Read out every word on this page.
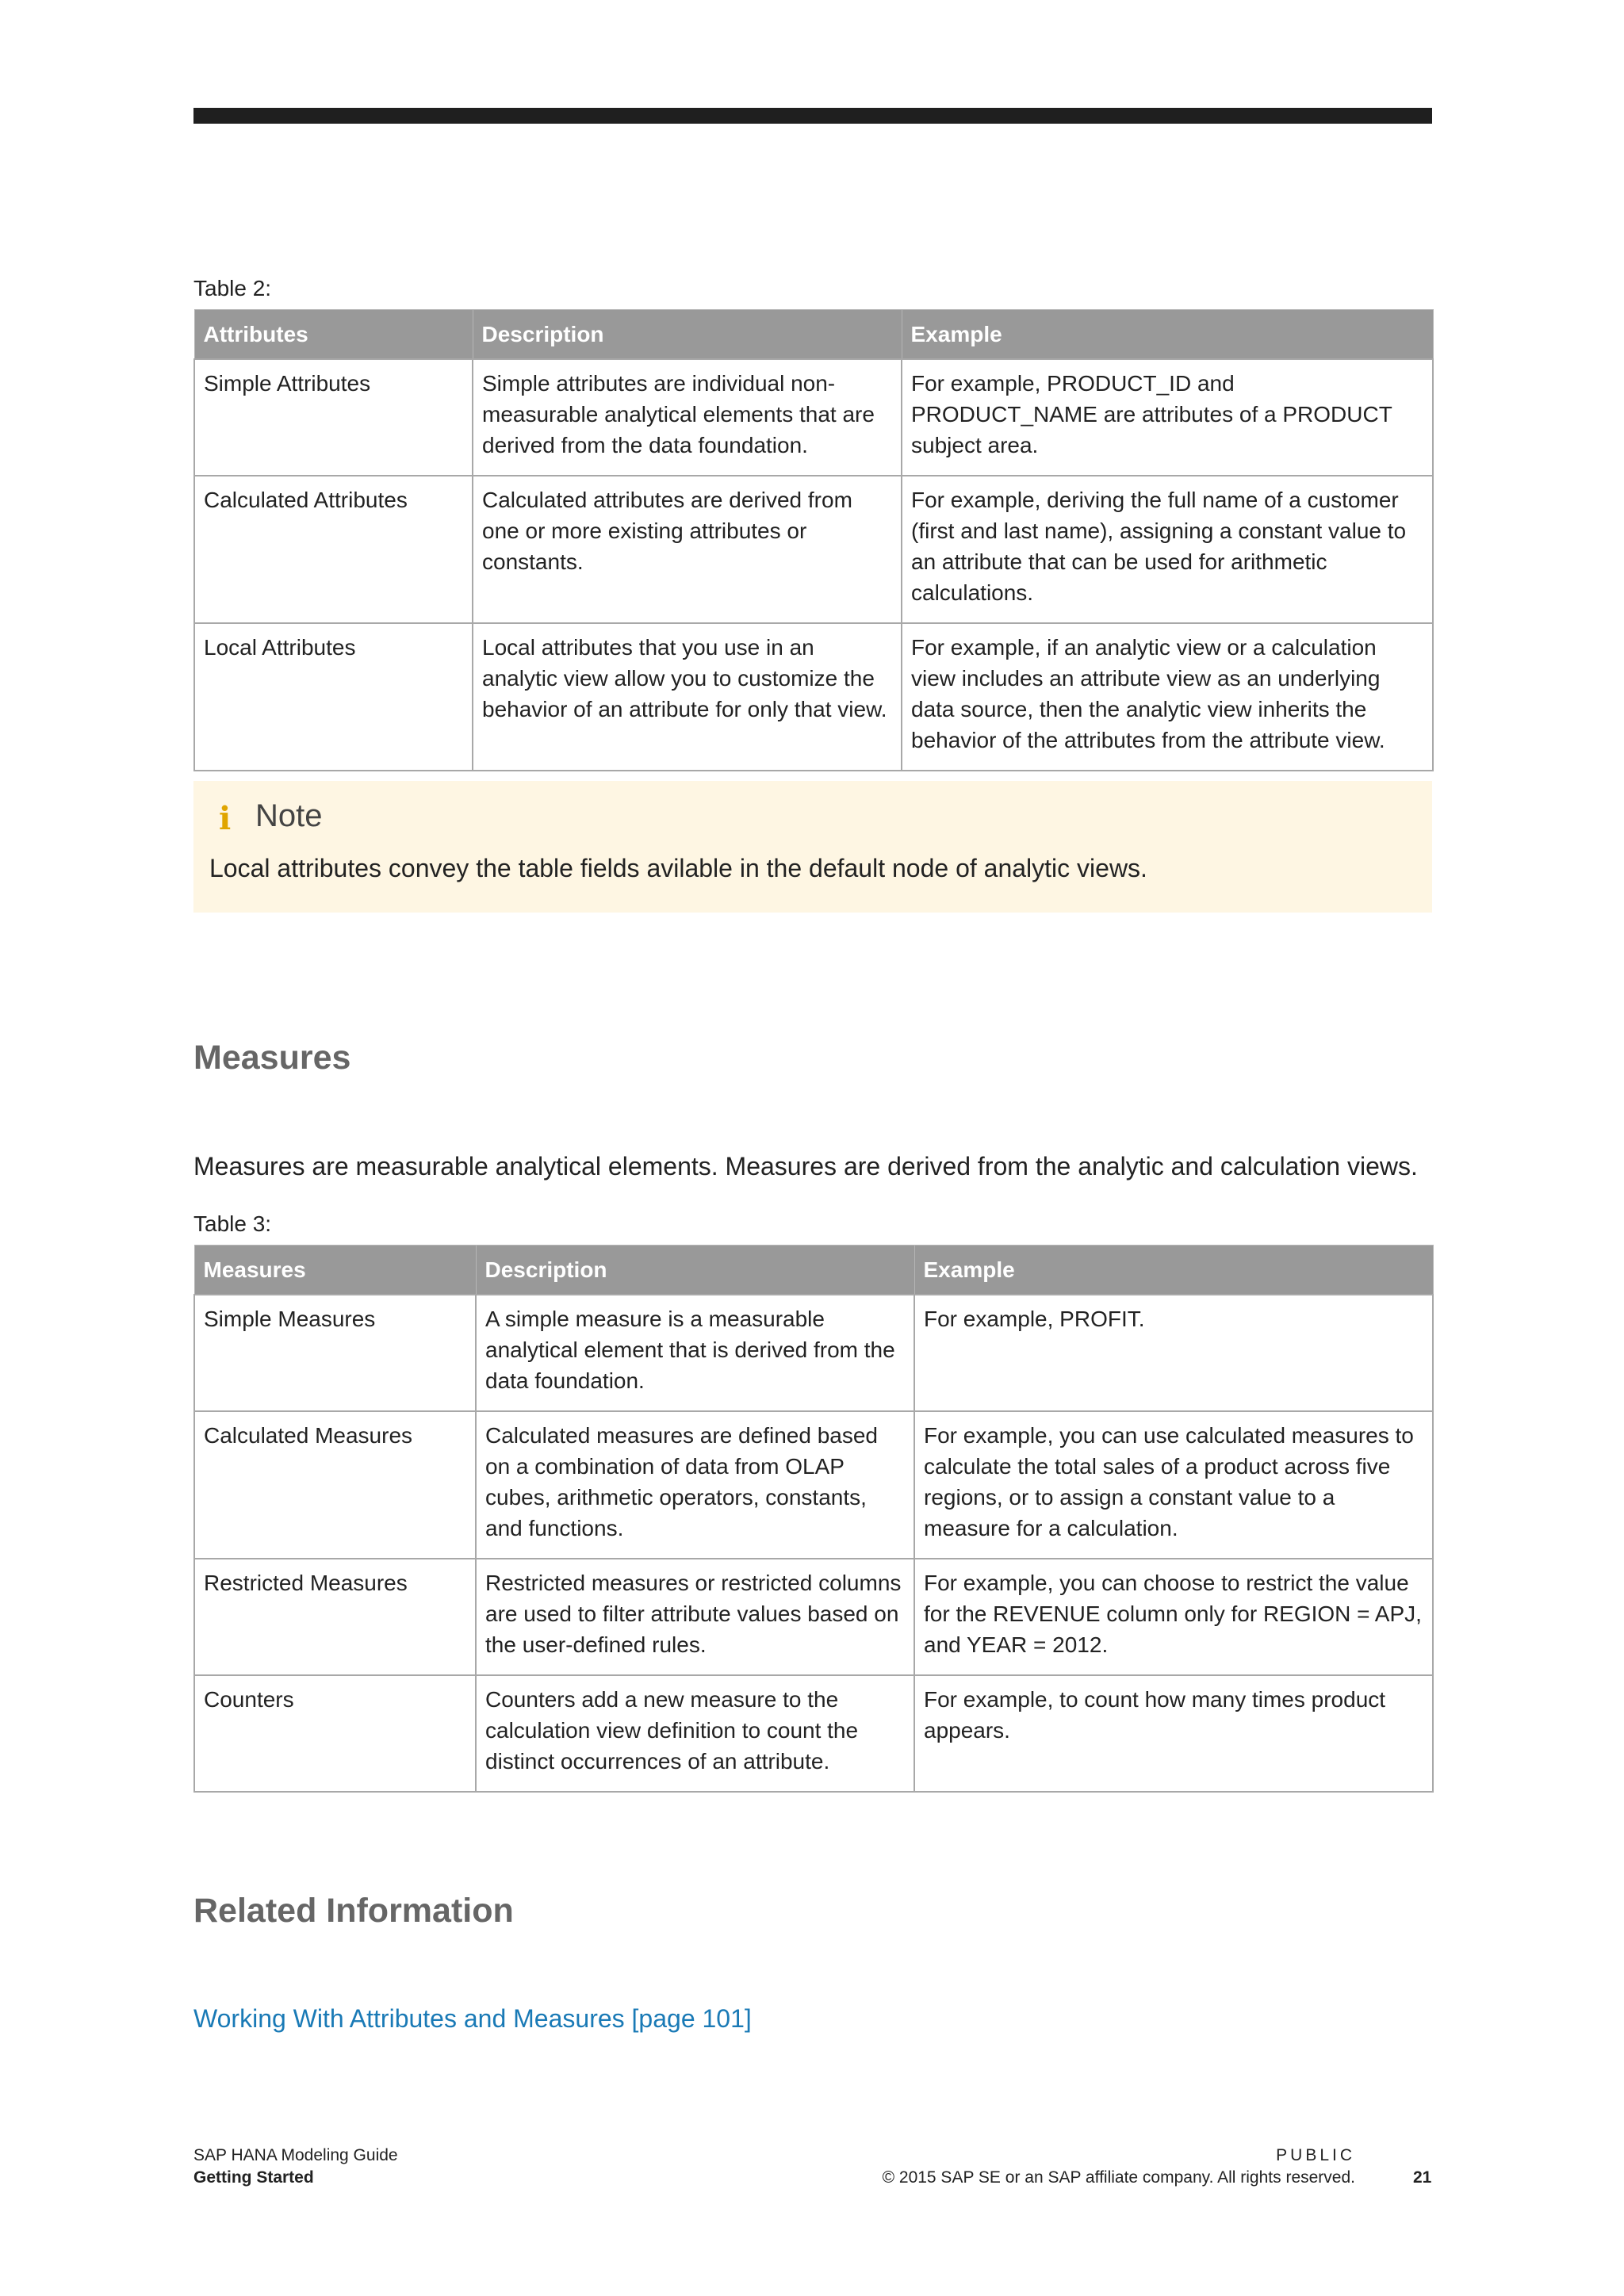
Table 2:
Attributes	Description	Example
Simple Attributes	Simple attributes are individual non-measurable analytical elements that are derived from the data foundation.	For example, PRODUCT_ID and PRODUCT_NAME are attributes of a PRODUCT subject area.
Calculated Attributes	Calculated attributes are derived from one or more existing attributes or constants.	For example, deriving the full name of a customer (first and last name), assigning a constant value to an attribute that can be used for arithmetic calculations.
Local Attributes	Local attributes that you use in an analytic view allow you to customize the behavior of an attribute for only that view.	For example, if an analytic view or a calculation view includes an attribute view as an underlying data source, then the analytic view inherits the behavior of the attributes from the attribute view.
i Note
Local attributes convey the table fields avilable in the default node of analytic views.
Measures
Measures are measurable analytical elements. Measures are derived from the analytic and calculation views.
Table 3:
Measures	Description	Example
Simple Measures	A simple measure is a measurable analytical element that is derived from the data foundation.	For example, PROFIT.
Calculated Measures	Calculated measures are defined based on a combination of data from OLAP cubes, arithmetic operators, constants, and functions.	For example, you can use calculated measures to calculate the total sales of a product across five regions, or to assign a constant value to a measure for a calculation.
Restricted Measures	Restricted measures or restricted columns are used to filter attribute values based on the user-defined rules.	For example, you can choose to restrict the value for the REVENUE column only for REGION = APJ, and YEAR = 2012.
Counters	Counters add a new measure to the calculation view definition to count the distinct occurrences of an attribute.	For example, to count how many times product appears.
Related Information
Working With Attributes and Measures [page 101]
SAP HANA Modeling Guide
Getting Started
PUBLIC
© 2015 SAP SE or an SAP affiliate company. All rights reserved.	21
